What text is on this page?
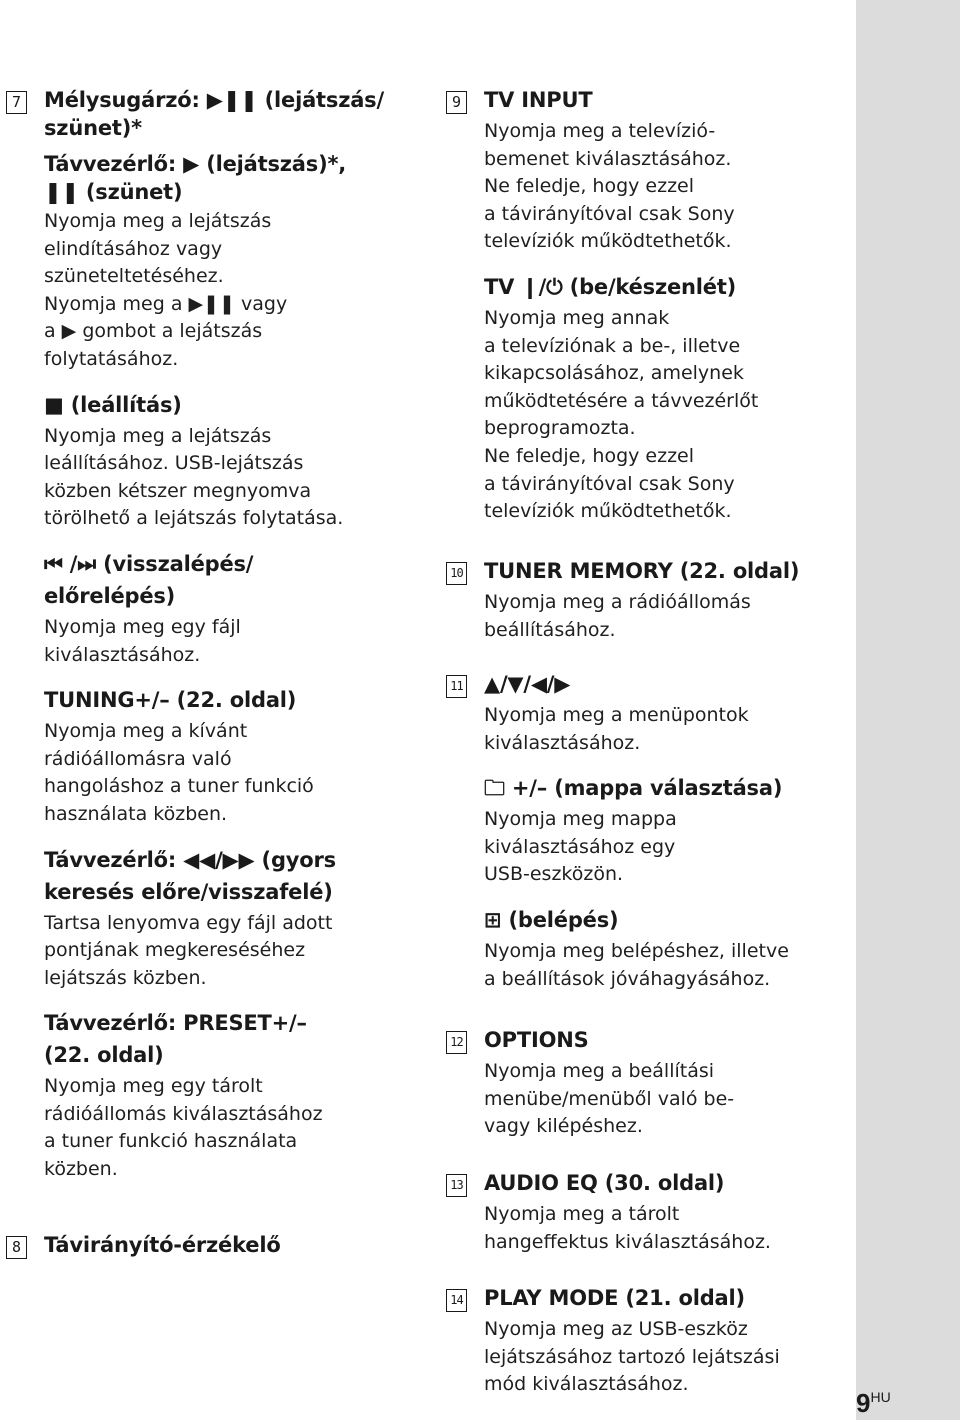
7 Mélysugárzó: ▶❚❚ (lejátszás/

szünet)*

Távvezérlő: ▶ (lejátszás)*,

❚❚ (szünet)

Nyomja meg a lejátszás

elindításához vagy

szüneteltetéséhez.

Nyomja meg a ▶❚❚ vagy

a ▶ gombot a lejátszás

folytatásához.

■ (leállítás)

Nyomja meg a lejátszás

leállításához. USB-lejátszás

közben kétszer megnyomva

törölhető a lejátszás folytatása.

⏮ /⏭ (visszalépés/

előrelépés)

Nyomja meg egy fájl

kiválasztásához.

TUNING+/– (22. oldal)

Nyomja meg a kívánt

rádióállomásra való

hangoláshoz a tuner funkció

használata közben.

Távvezérlő: ◀◀/▶▶ (gyors

keresés előre/visszafelé)

Tartsa lenyomva egy fájl adott

pontjának megkereséséhez

lejátszás közben.

Távvezérlő: PRESET+/–

(22. oldal)

Nyomja meg egy tárolt

rádióállomás kiválasztásához

a tuner funkció használata

közben.

8 Távirányító-érzékelő

9 TV INPUT

Nyomja meg a televízió-

bemenet kiválasztásához.

Ne feledje, hogy ezzel

a távirányítóval csak Sony

televíziók működtethetők.

TV ❙/⏻ (be/készenlét)

Nyomja meg annak

a televíziónak a be-, illetve

kikapcsolásához, amelynek

működtetésére a távvezérlőt

beprogramozta.

Ne feledje, hogy ezzel

a távirányítóval csak Sony

televíziók működtethetők.

10 TUNER MEMORY (22. oldal)

Nyomja meg a rádióállomás

beállításához.

11 ▲/▼/◀/▶

Nyomja meg a menüpontok

kiválasztásához.

🗀 +/– (mappa választása)

Nyomja meg mappa

kiválasztásához egy

USB-eszközön.

⊞ (belépés)

Nyomja meg belépéshez, illetve

a beállítások jóváhagyásához.

12 OPTIONS

Nyomja meg a beállítási

menübe/menüből való be-

vagy kilépéshez.

13 AUDIO EQ (30. oldal)

Nyomja meg a tárolt

hangeffektus kiválasztásához.

14 PLAY MODE (21. oldal)

Nyomja meg az USB-eszköz

lejátszásához tartozó lejátszási

mód kiválasztásához.

9HU
